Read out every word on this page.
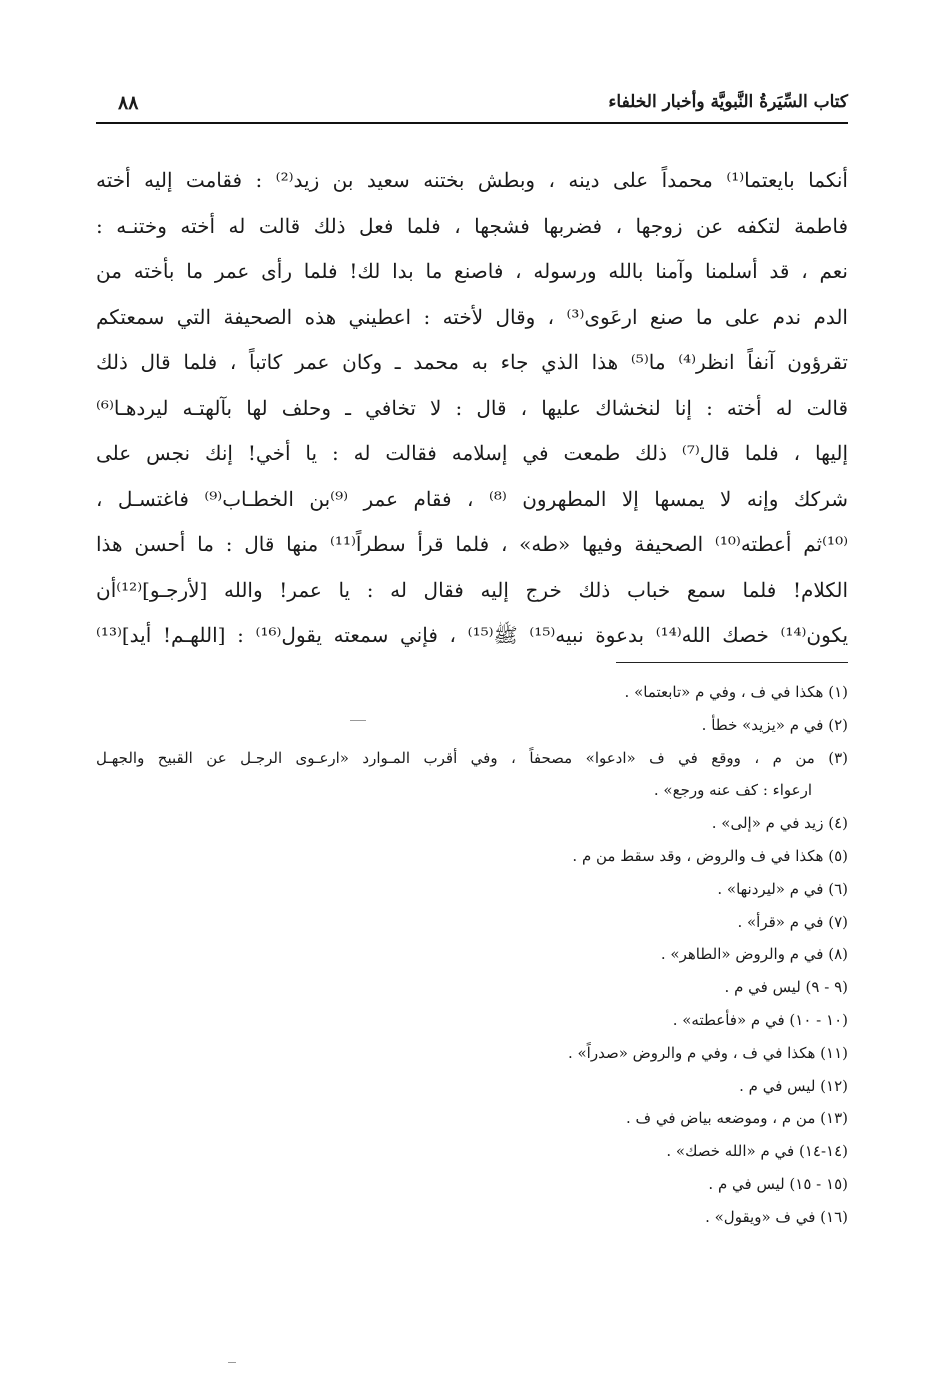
كتاب السِّيَرةُ النَّبويَّة وأخبار الخلفاء
٨٨
أنكما بايعتما⁽¹⁾ محمداً على دينه ، وبطش بختنه سعيد بن زيد⁽²⁾ : فقامت إليه أخته
فاطمة لتكفه عن زوجها ، فضربها فشجها ، فلما فعل ذلك قالت له أخته وختنـه :
نعم ، قد أسلمنا وآمنا بالله ورسوله ، فاصنع ما بدا لك! فلما رأى عمر ما بأخته من
الدم ندم على ما صنع ارعَوى⁽³⁾ ، وقال لأخته : اعطيني هذه الصحيفة التي سمعتكم
تقرؤون آنفاً انظر⁽⁴⁾ ما⁽⁵⁾ هذا الذي جاء به محمد ـ وكان عمر كاتباً ، فلما قال ذلك
قالت له أخته : إنا لنخشاك عليها ، قال : لا تخافي ـ وحلف لها بآلهتـه ليردهـا⁽⁶⁾
إليها ، فلما قال⁽⁷⁾ ذلك طمعت في إسلامه فقالت له : يا أخي! إنك نجس على
شركك وإنه لا يمسها إلا المطهرون ⁽⁸⁾ ، فقام عمر ⁽⁹⁾بن الخطـاب⁽⁹⁾ فاغتسـل ،
⁽¹⁰⁾ثم أعطته⁽¹⁰⁾ الصحيفة وفيها «طه» ، فلما قرأ سطراً⁽¹¹⁾ منها قال : ما أحسن هذا
الكلام! فلما سمع خباب ذلك خرج إليه فقال له : يا عمر! والله [لأرجـو]⁽¹²⁾أن
يكون⁽¹⁴⁾ خصك الله⁽¹⁴⁾ بدعوة نبيه⁽¹⁵⁾ ﷺ⁽¹⁵⁾ ، فإني سمعته يقول⁽¹⁶⁾ : [اللهـم! أيد]⁽¹³⁾
(١) هكذا في ف ، وفي م «تابعتما» .
(٢) في م «يزيد» خطأ .
(٣) من م ، ووقع في ف «ادعوا» مصحفاً ، وفي أقرب المـوارد «ارعـوى الرجـل عن القبيح والجهـل
ارعواء : كف عنه ورجع» .
(٤) زيد في م «إلى» .
(٥) هكذا في ف والروض ، وقد سقط من م .
(٦) في م «ليردنها» .
(٧) في م «قرأ» .
(٨) في م والروض «الطاهر» .
(٩ - ٩) ليس في م .
(١٠ - ١٠) في م «فأعطته» .
(١١) هكذا في ف ، وفي م والروض «صدراً» .
(١٢) ليس في م .
(١٣) من م ، وموضعه بياض في ف .
(١٤-١٤) في م «الله خصك» .
(١٥ - ١٥) ليس في م .
(١٦) في ف «ويقول» .
